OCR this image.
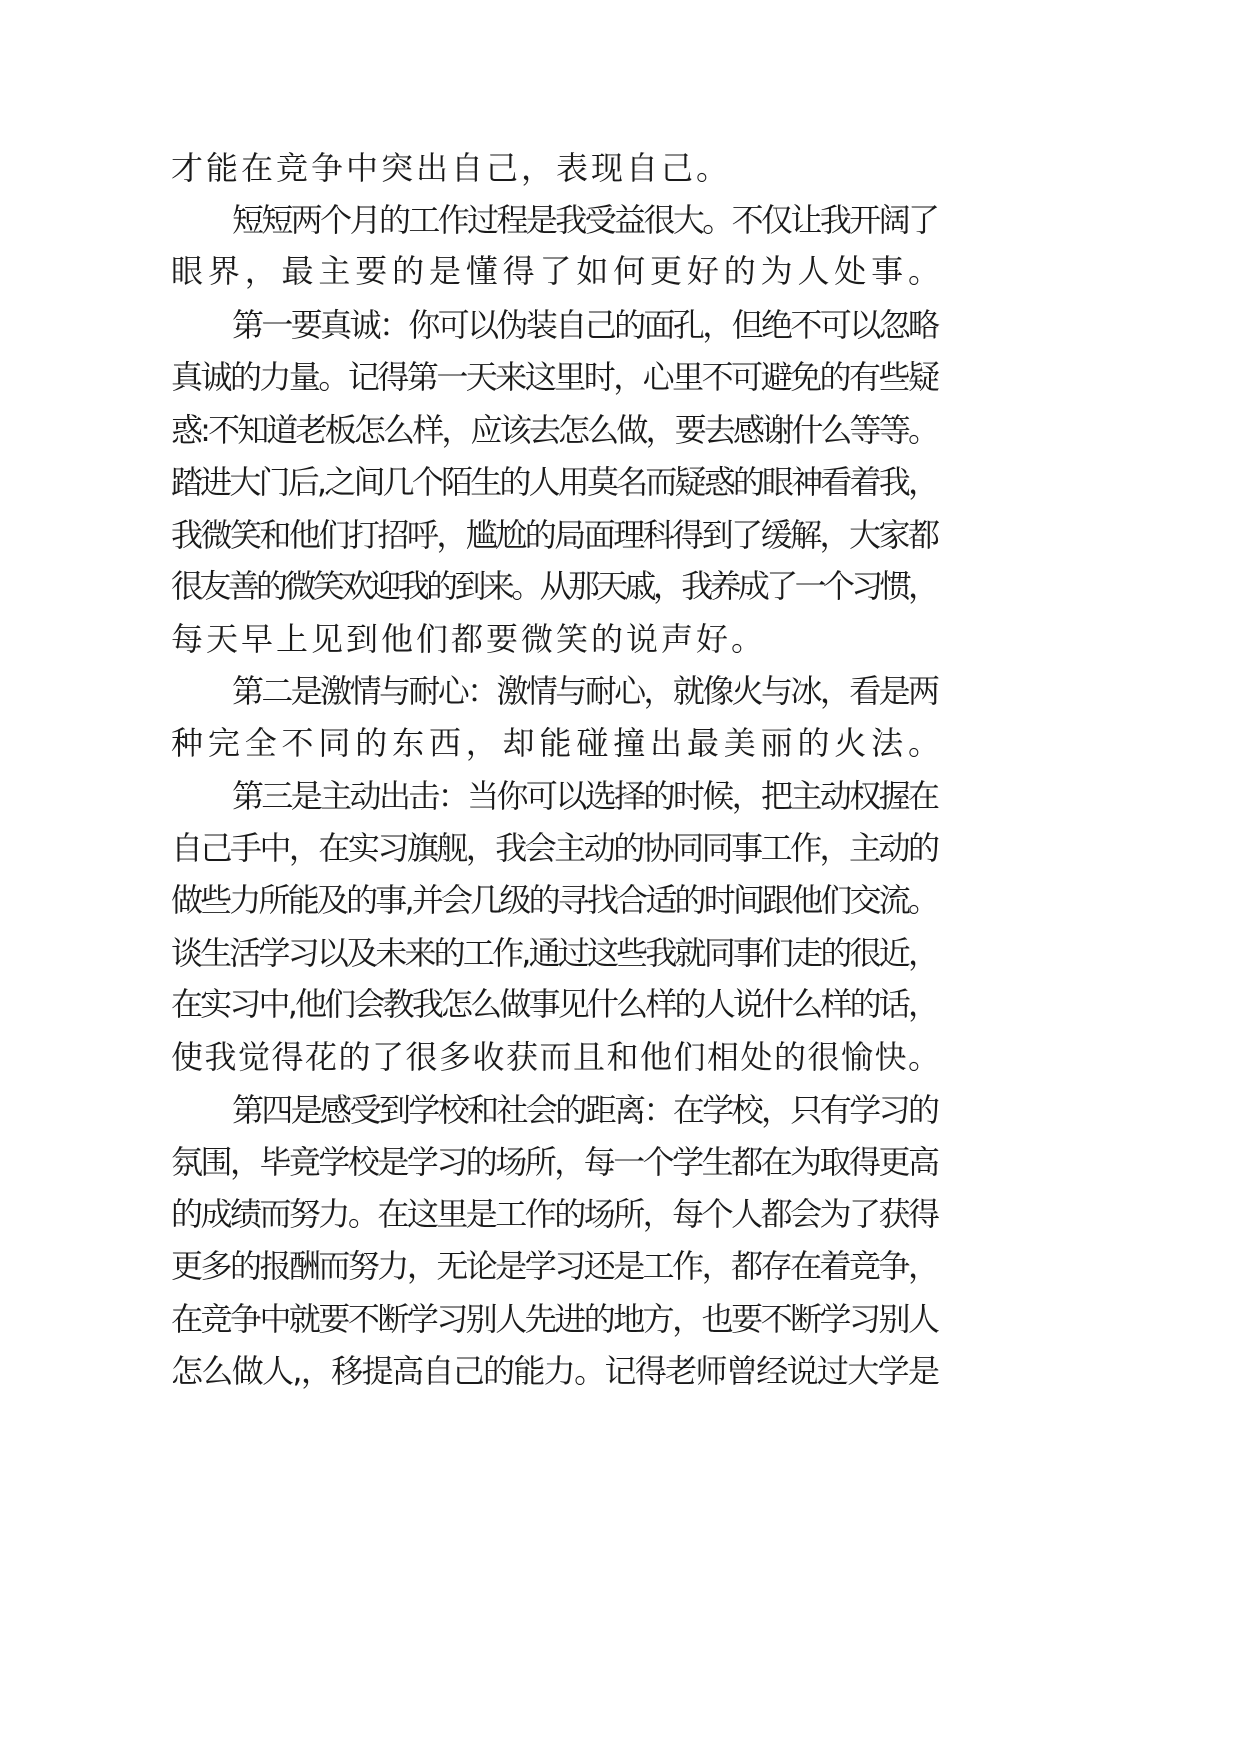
才能在竞争中突出自己，表现自己。
短短两个月的工作过程是我受益很大。不仅让我开阔了
眼界，最主要的是懂得了如何更好的为人处事。
第一要真诚：你可以伪装自己的面孔，但绝不可以忽略
真诚的力量。记得第一天来这里时，心里不可避免的有些疑
惑:不知道老板怎么样，应该去怎么做，要去感谢什么等等。
踏进大门后,之间几个陌生的人用莫名而疑惑的眼神看着我，
我微笑和他们打招呼，尴尬的局面理科得到了缓解，大家都
很友善的微笑欢迎我的到来。从那天戚，我养成了一个习惯，
每天早上见到他们都要微笑的说声好。
第二是激情与耐心：激情与耐心，就像火与冰，看是两
种完全不同的东西，却能碰撞出最美丽的火法。
第三是主动出击：当你可以选择的时候，把主动权握在
自己手中，在实习旗舰，我会主动的协同同事工作，主动的
做些力所能及的事,并会几级的寻找合适的时间跟他们交流。
谈生活学习以及未来的工作,通过这些我就同事们走的很近，
在实习中,他们会教我怎么做事见什么样的人说什么样的话，
使我觉得花的了很多收获而且和他们相处的很愉快。
第四是感受到学校和社会的距离：在学校，只有学习的
氛围，毕竟学校是学习的场所，每一个学生都在为取得更高
的成绩而努力。在这里是工作的场所，每个人都会为了获得
更多的报酬而努力，无论是学习还是工作，都存在着竞争，
在竞争中就要不断学习别人先进的地方，也要不断学习别人
怎么做人,，移提高自己的能力。记得老师曾经说过大学是
